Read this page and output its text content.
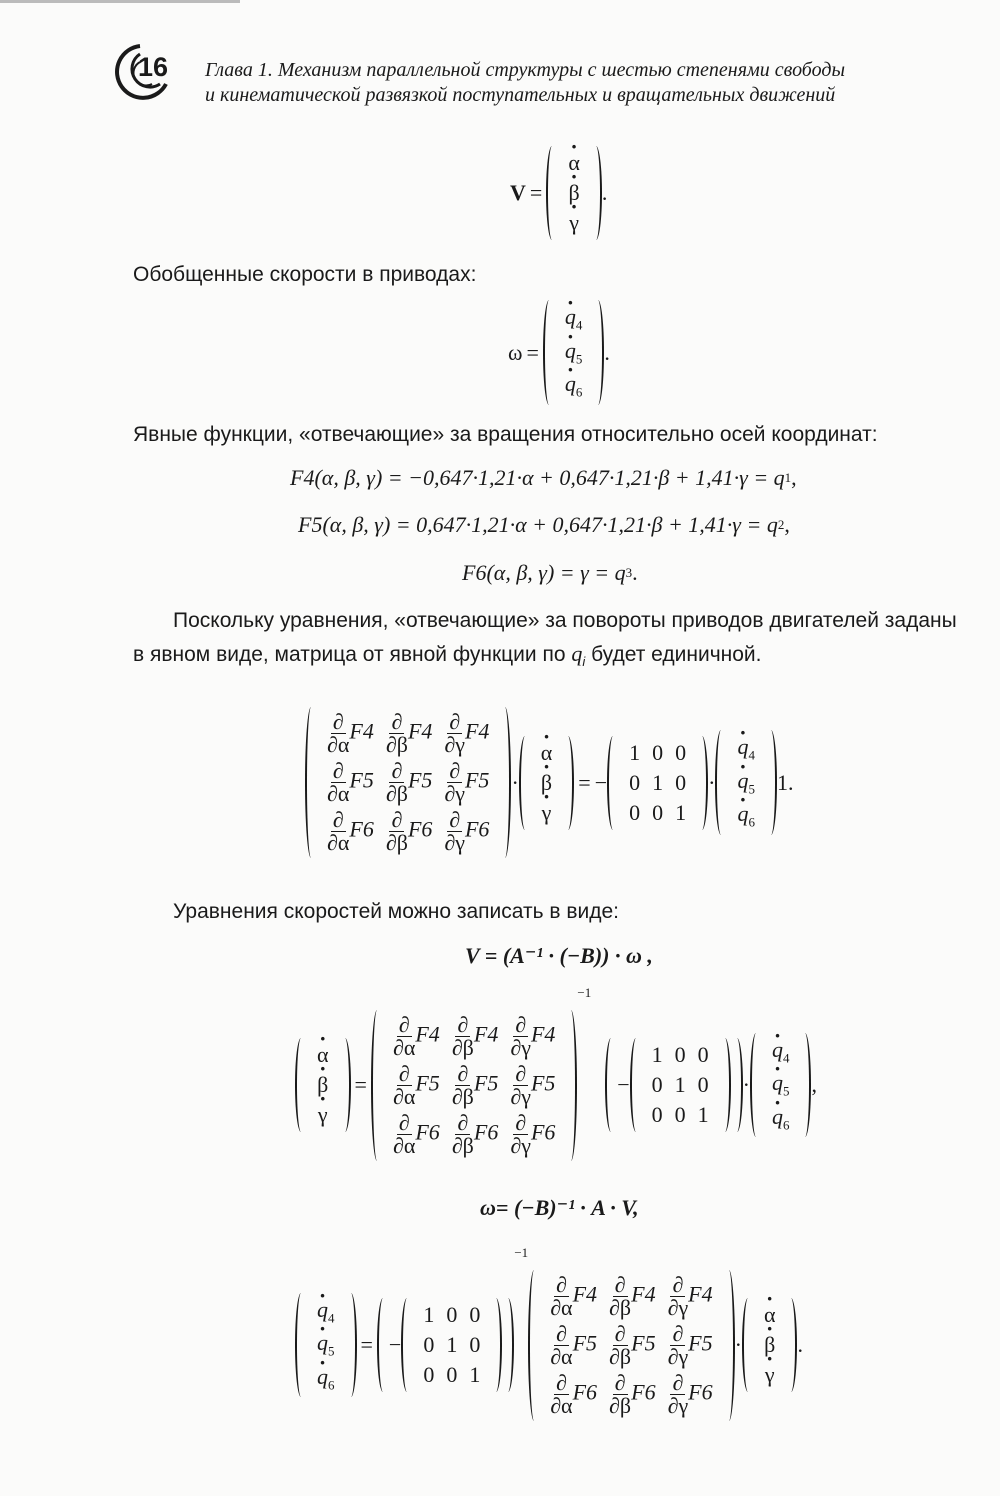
16 Глава 1. Механизм параллельной структуры с шестью степенями свободы
и кинематической развязкой поступательных и вращательных движений
V =
· α
· β
· γ
.
Обобщенные скорости в приводах:
ω =
· $q_4$
· $q_5$
· $q_6$
.
Явные функции, «отвечающие» за вращения относительно осей координат:
F4(α, β, γ) = −0,647·1,21·α + 0,647·1,21·β + 1,41·γ = q 1 ,
F5(α, β, γ) = 0,647·1,21·α + 0,647·1,21·β + 1,41·γ = q 2 ,
F6(α, β, γ) = γ = q 3 .
Поскольку уравнения, «отвечающие» за повороты приводов двигателей заданы в явном виде, матрица от явной функции по $q_i$ будет единичной.
$\frac{\partial}{\partial\alpha} F4 \frac{\partial}{\partial\beta} F4 \frac{\partial}{\partial\gamma} F4$
$\frac{\partial}{\partial\alpha} F5 \frac{\partial}{\partial\beta} F5 \frac{\partial}{\partial\gamma} F5$
$\frac{\partial}{\partial\alpha} F6 \frac{\partial}{\partial\beta} F6 \frac{\partial}{\partial\gamma} F6$
·
· α
· β
· γ
= −
1 0 0
0 1 0
0 0 1
·
· $q_4$
· $q_5$
· $q_6$
1.
Уравнения скоростей можно записать в виде:
V = (A⁻¹ · (−B)) · ω ,
· α
· β
· γ
=
$\frac{\partial}{\partial\alpha} F4 \frac{\partial}{\partial\beta} F4 \frac{\partial}{\partial\gamma} F4$
$\frac{\partial}{\partial\alpha} F5 \frac{\partial}{\partial\beta} F5 \frac{\partial}{\partial\gamma} F5$
$\frac{\partial}{\partial\alpha} F6 \frac{\partial}{\partial\beta} F6 \frac{\partial}{\partial\gamma} F6$
−1
−
1 0 0
0 1 0
0 0 1
·
· $q_4$
· $q_5$
· $q_6$
,
ω= (−B)⁻¹ · A · V,
· $q_4$
· $q_5$
· $q_6$
= −
1 0 0
0 1 0
0 0 1
−1
$\frac{\partial}{\partial\alpha} F4 \frac{\partial}{\partial\beta} F4 \frac{\partial}{\partial\gamma} F4$
$\frac{\partial}{\partial\alpha} F5 \frac{\partial}{\partial\beta} F5 \frac{\partial}{\partial\gamma} F5$
$\frac{\partial}{\partial\alpha} F6 \frac{\partial}{\partial\beta} F6 \frac{\partial}{\partial\gamma} F6$
·
· α
· β
· γ
.
